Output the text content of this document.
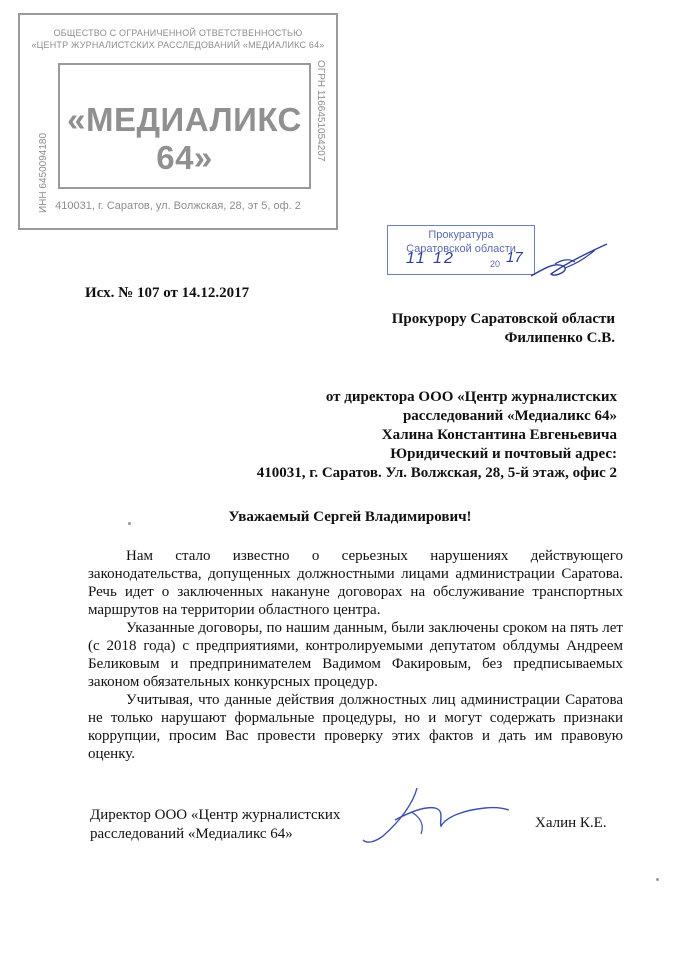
ОБЩЕСТВО С ОГРАНИЧЕННОЙ ОТВЕТСТВЕННОСТЬЮ
«ЦЕНТР ЖУРНАЛИСТСКИХ РАССЛЕДОВАНИЙ «МЕДИАЛИКС 64»
«МЕДИАЛИКС 64»
ИНН 6450094180
ОГРН 1166451054207
410031, г. Саратов, ул. Волжская, 28, эт 5, оф. 2
Прокуратура
Саратовской области
11 12	20 17
Исх. № 107 от 14.12.2017
Прокурору Саратовской области
Филипенко С.В.
от директора ООО «Центр журналистских
расследований «Медиаликс 64»
Халина Константина Евгеньевича
Юридический и почтовый адрес:
410031, г. Саратов. Ул. Волжская, 28, 5-й этаж, офис 2
Уважаемый Сергей Владимирович!

Нам стало известно о серьезных нарушениях действующего законодательства, допущенных должностными лицами администрации Саратова. Речь идет о заключенных накануне договорах на обслуживание транспортных маршрутов на территории областного центра.

Указанные договоры, по нашим данным, были заключены сроком на пять лет (с 2018 года) с предприятиями, контролируемыми депутатом облдумы Андреем Беликовым и предпринимателем Вадимом Факировым, без предписываемых законом обязательных конкурсных процедур.

Учитывая, что данные действия должностных лиц администрации Саратова не только нарушают формальные процедуры, но и могут содержать признаки коррупции, просим Вас провести проверку этих фактов и дать им правовую оценку.

Директор ООО «Центр журналистских
расследований «Медиаликс 64»
Халин К.Е.
